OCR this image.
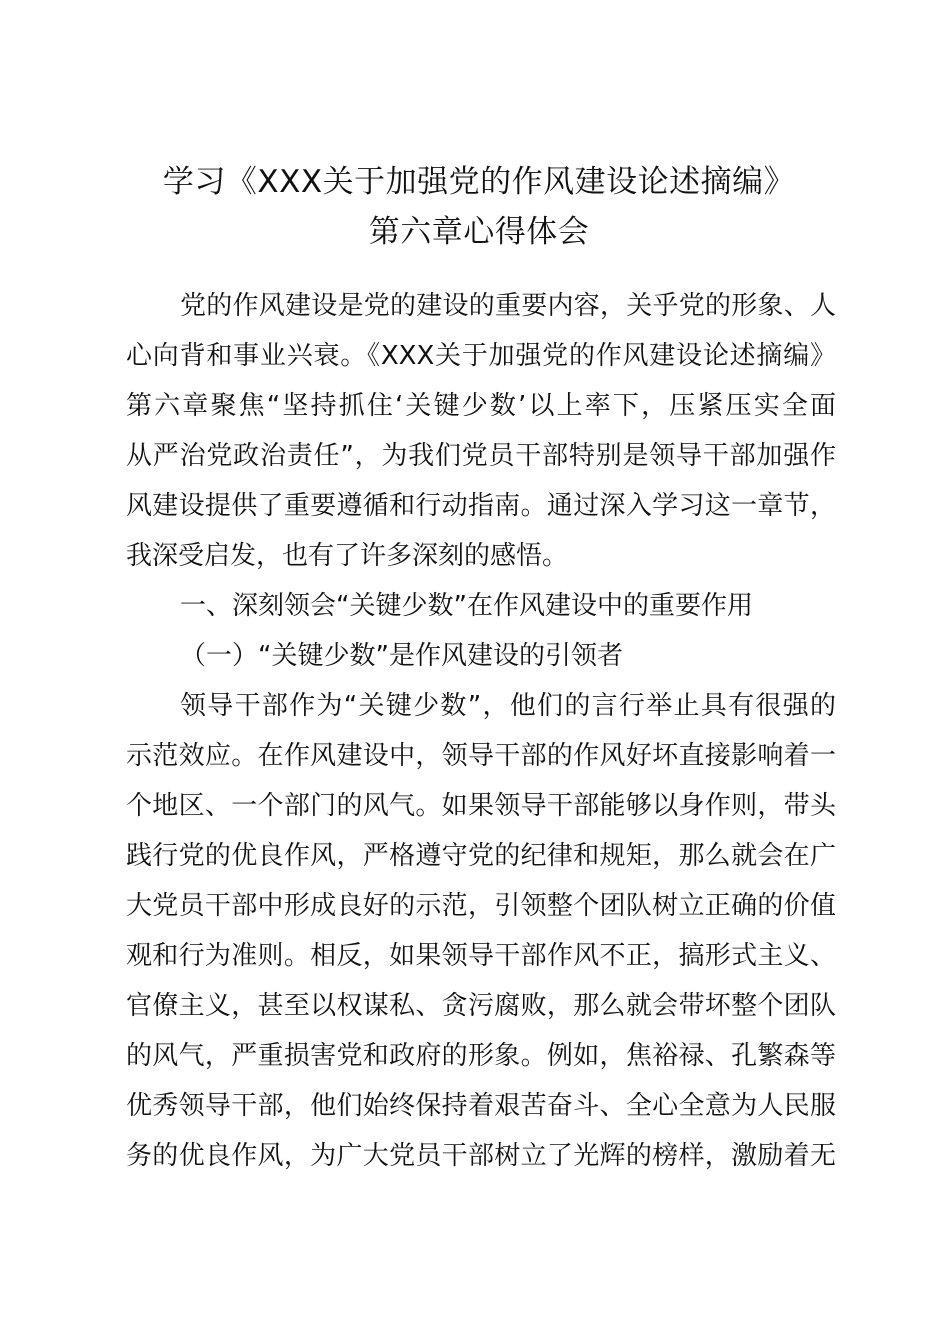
学习《XXX关于加强党的作风建设论述摘编》
第六章心得体会
党的作风建设是党的建设的重要内容，关乎党的形象、人
心向背和事业兴衰。《XXX关于加强党的作风建设论述摘编》
第六章聚焦“坚持抓住‘关键少数’以上率下，压紧压实全面
从严治党政治责任”，为我们党员干部特别是领导干部加强作
风建设提供了重要遵循和行动指南。通过深入学习这一章节，
我深受启发，也有了许多深刻的感悟。
一、深刻领会“关键少数”在作风建设中的重要作用
（一）“关键少数”是作风建设的引领者
领导干部作为“关键少数”，他们的言行举止具有很强的
示范效应。在作风建设中，领导干部的作风好坏直接影响着一
个地区、一个部门的风气。如果领导干部能够以身作则，带头
践行党的优良作风，严格遵守党的纪律和规矩，那么就会在广
大党员干部中形成良好的示范，引领整个团队树立正确的价值
观和行为准则。相反，如果领导干部作风不正，搞形式主义、
官僚主义，甚至以权谋私、贪污腐败，那么就会带坏整个团队
的风气，严重损害党和政府的形象。例如，焦裕禄、孔繁森等
优秀领导干部，他们始终保持着艰苦奋斗、全心全意为人民服
务的优良作风，为广大党员干部树立了光辉的榜样，激励着无
